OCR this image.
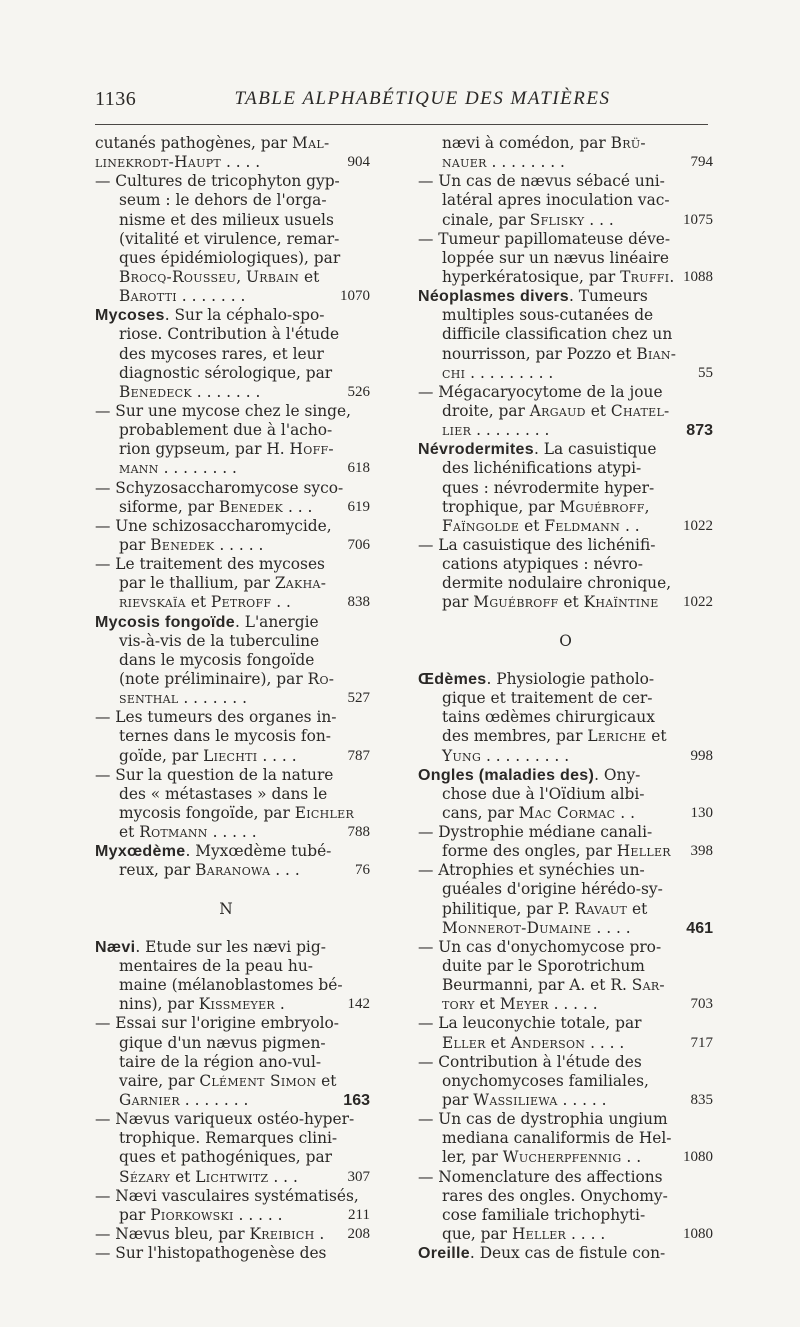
1136	TABLE ALPHABÉTIQUE DES MATIÈRES
cutanés pathogènes, par Mal-
linekrodt-Haupt . . . .	904
— Cultures de tricophyton gyp-
seum : le dehors de l'orga-
nisme et des milieux usuels
(vitalité et virulence, remar-
ques épidémiologiques), par
Brocq-Rousseu, Urbain et
Barotti . . . . . . .	1070
Mycoses. Sur la céphalo-spo-
riose. Contribution à l'étude
des mycoses rares, et leur
diagnostic sérologique, par
Benedeck . . . . . . .	526
— Sur une mycose chez le singe,
probablement due à l'acho-
rion gypseum, par H. Hoff-
mann . . . . . . . .	618
— Schyzosaccharomycose syco-
siforme, par Benedek . . . 619
— Une schizosaccharomycide,
par Benedek . . . . .	706
— Le traitement des mycoses
par le thallium, par Zakha-
rievskaïa et Petroff . .	838
Mycosis fongoïde. L'anergie
vis-à-vis de la tuberculine
dans le mycosis fongoïde
(note préliminaire), par Ro-
senthal . . . . . . .	527
— Les tumeurs des organes in-
ternes dans le mycosis fon-
goïde, par Liechti . . . .	787
— Sur la question de la nature
des « métastases » dans le
mycosis fongoïde, par Eichler
et Rotmann . . . . .	788
Myxœdème. Myxœdème tubé-
reux, par Baranowa . . .	76
N
Nævi. Etude sur les nævi pig-
mentaires de la peau hu-
maine (mélanoblastomes bé-
nins), par Kissmeyer .	142
— Essai sur l'origine embryolo-
gique d'un nævus pigmen-
taire de la région ano-vul-
vaire, par Clément Simon et
Garnier . . . . . . .	163
— Nævus variqueux ostéo-hyper-
trophique. Remarques clini-
ques et pathogéniques, par
Sézary et Lichtwitz . . .	307
— Nævi vasculaires systématisés,
par Piorkowski . . . . .	211
— Nævus bleu, par Kreibich . 208
— Sur l'histopathogenèse des
nævi à comédon, par Brü-
nauer . . . . . . . .	794
— Un cas de nævus sébacé uni-
latéral apres inoculation vac-
cinale, par Sflisky . . .	1075
— Tumeur papillomateuse déve-
loppée sur un nævus linéaire
hyperkératosique, par Truffi. 1088
Néoplasmes divers. Tumeurs
multiples sous-cutanées de
difficile classification chez un
nourrisson, par Pozzo et Bian-
chi . . . . . . . . .	55
— Mégacaryocytome de la joue
droite, par Argaud et Chatel-
lier . . . . . . . .	873
Névrodermites. La casuistique
des lichénifications atypi-
ques : névrodermite hyper-
trophique, par Mguébroff,
Faïngolde et Feldmann . .	1022
— La casuistique des lichénifi-
cations atypiques : névro-
dermite nodulaire chronique,
par Mguébroff et Khaïntine 1022
O
Œdèmes. Physiologie patholo-
gique et traitement de cer-
tains œdèmes chirurgicaux
des membres, par Leriche et
Yung . . . . . . . . .	998
Ongles (maladies des). Ony-
chose due à l'Oïdium albi-
cans, par Mac Cormac . .	130
— Dystrophie médiane canali-
forme des ongles, par Heller 398
— Atrophies et synéchies un-
guéales d'origine hérédo-sy-
philitique, par P. Ravaut et
Monnerot-Dumaine . . . .	461
— Un cas d'onychomycose pro-
duite par le Sporotrichum
Beurmanni, par A. et R. Sar-
tory et Meyer . . . . .	703
— La leuconychie totale, par
Eller et Anderson . . . .	717
— Contribution à l'étude des
onychomycoses familiales,
par Wassiliewa . . . . .	835
— Un cas de dystrophia ungium
mediana canaliformis de Hel-
ler, par Wucherpfennig . .	1080
— Nomenclature des affections
rares des ongles. Onychomy-
cose familiale trichophyti-
que, par Heller . . . .	1080
Oreille. Deux cas de fistule con-
